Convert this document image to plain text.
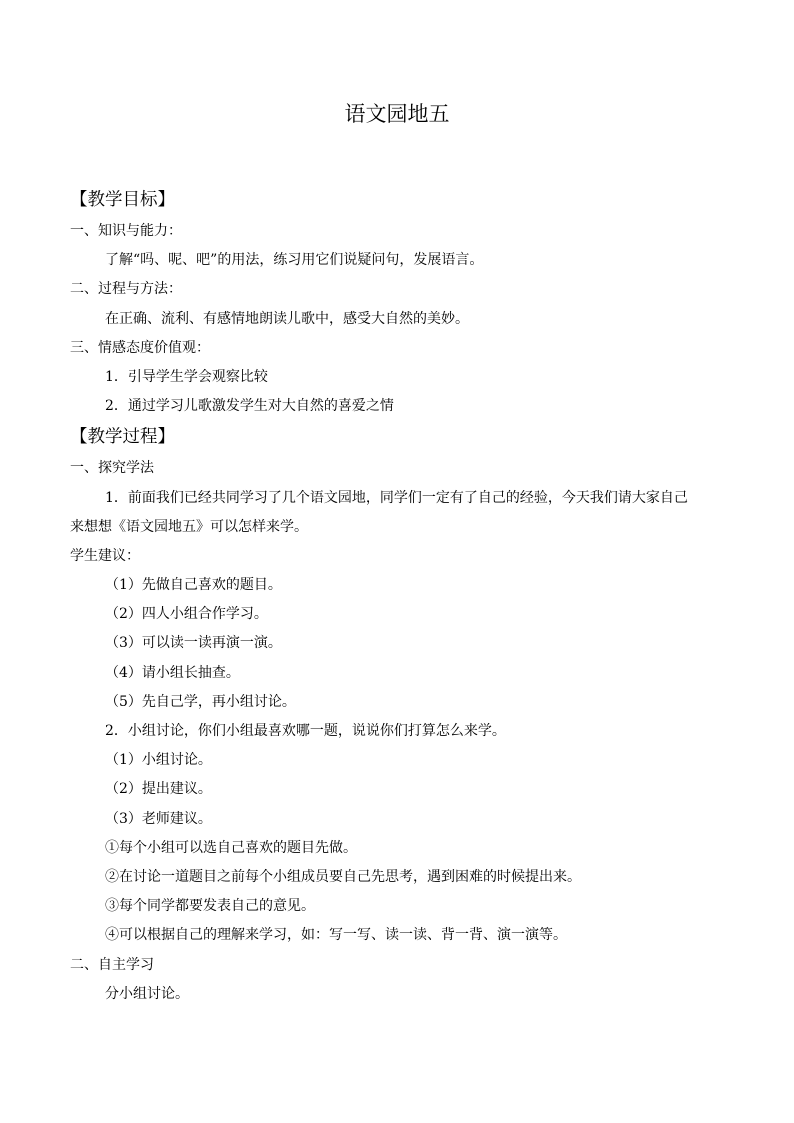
语文园地五
【教学目标】
一、知识与能力：
了解“吗、呢、吧”的用法，练习用它们说疑问句，发展语言。
二、过程与方法：
在正确、流利、有感情地朗读儿歌中，感受大自然的美妙。
三、情感态度价值观：
1．引导学生学会观察比较
2．通过学习儿歌激发学生对大自然的喜爱之情
【教学过程】
一、探究学法
1．前面我们已经共同学习了几个语文园地，同学们一定有了自己的经验，今天我们请大家自己来想想《语文园地五》可以怎样来学。
学生建议：
（1）先做自己喜欢的题目。
（2）四人小组合作学习。
（3）可以读一读再演一演。
（4）请小组长抽查。
（5）先自己学，再小组讨论。
2．小组讨论，你们小组最喜欢哪一题，说说你们打算怎么来学。
（1）小组讨论。
（2）提出建议。
（3）老师建议。
①每个小组可以选自己喜欢的题目先做。
②在讨论一道题目之前每个小组成员要自己先思考，遇到困难的时候提出来。
③每个同学都要发表自己的意见。
④可以根据自己的理解来学习，如：写一写、读一读、背一背、演一演等。
二、自主学习
分小组讨论。
